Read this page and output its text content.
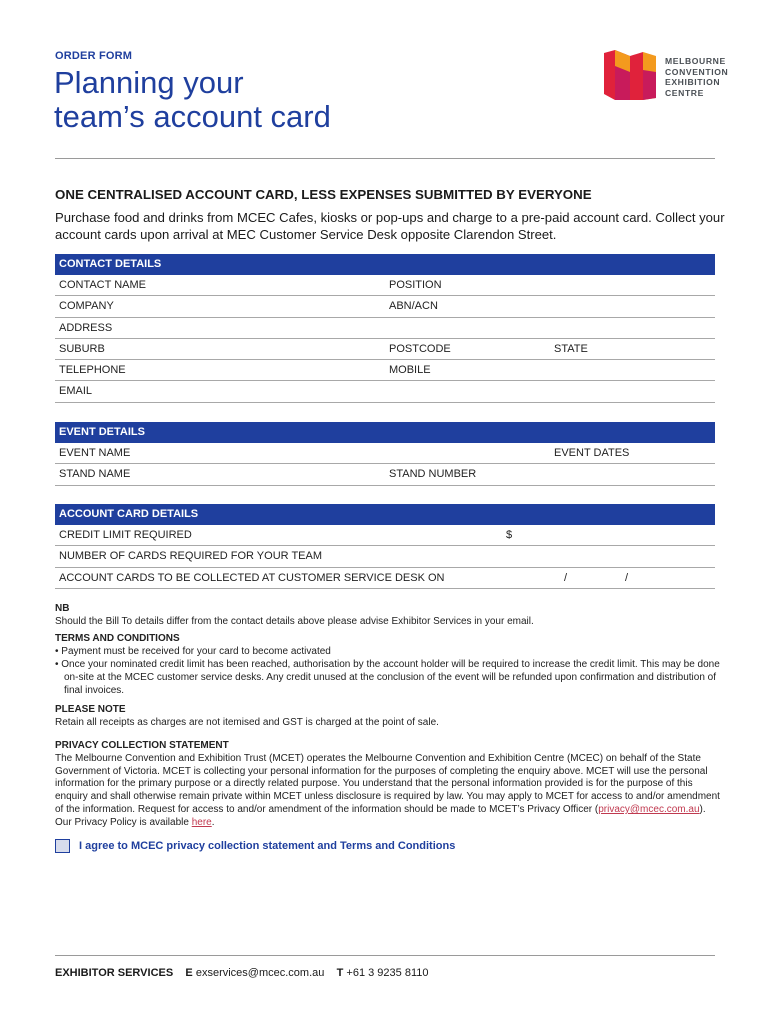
ORDER FORM
Planning your
team’s account card
MELBOURNE
CONVENTION
EXHIBITION
CENTRE
ONE CENTRALISED ACCOUNT CARD, LESS EXPENSES SUBMITTED BY EVERYONE

Purchase food and drinks from MCEC Cafes, kiosks or pop-ups and charge to a pre-paid account card. Collect your account cards upon arrival at MEC Customer Service Desk opposite Clarendon Street.

CONTACT DETAILS
CONTACT NAME	POSITION
COMPANY	ABN/ACN
ADDRESS
SUBURB	POSTCODE	STATE
TELEPHONE	MOBILE
EMAIL
EVENT DETAILS
EVENT NAME	EVENT DATES
STAND NAME	STAND NUMBER
ACCOUNT CARD DETAILS
CREDIT LIMIT REQUIRED	$
NUMBER OF CARDS REQUIRED FOR YOUR TEAM
ACCOUNT CARDS TO BE COLLECTED AT CUSTOMER SERVICE DESK ON	/	/
NB
Should the Bill To details differ from the contact details above please advise Exhibitor Services in your email.
TERMS AND CONDITIONS
• Payment must be received for your card to become activated
• Once your nominated credit limit has been reached, authorisation by the account holder will be required to increase the credit limit. This may be done on-site at the MCEC customer service desks. Any credit unused at the conclusion of the event will be refunded upon confirmation and distribution of final invoices.
PLEASE NOTE
Retain all receipts as charges are not itemised and GST is charged at the point of sale.
PRIVACY COLLECTION STATEMENT
The Melbourne Convention and Exhibition Trust (MCET) operates the Melbourne Convention and Exhibition Centre (MCEC) on behalf of the State Government of Victoria. MCET is collecting your personal information for the purposes of completing the enquiry above. MCET will use the personal information for the primary purpose or a directly related purpose. You understand that the personal information provided is for the purpose of this enquiry and shall otherwise remain private within MCET unless disclosure is required by law. You may apply to MCET for access to and/or amendment of the information. Request for access to and/or amendment of the information should be made to MCET’s Privacy Officer (privacy@mcec.com.au). Our Privacy Policy is available here.
I agree to MCEC privacy collection statement and Terms and Conditions
EXHIBITOR SERVICES E exservices@mcec.com.au T +61 3 9235 8110
